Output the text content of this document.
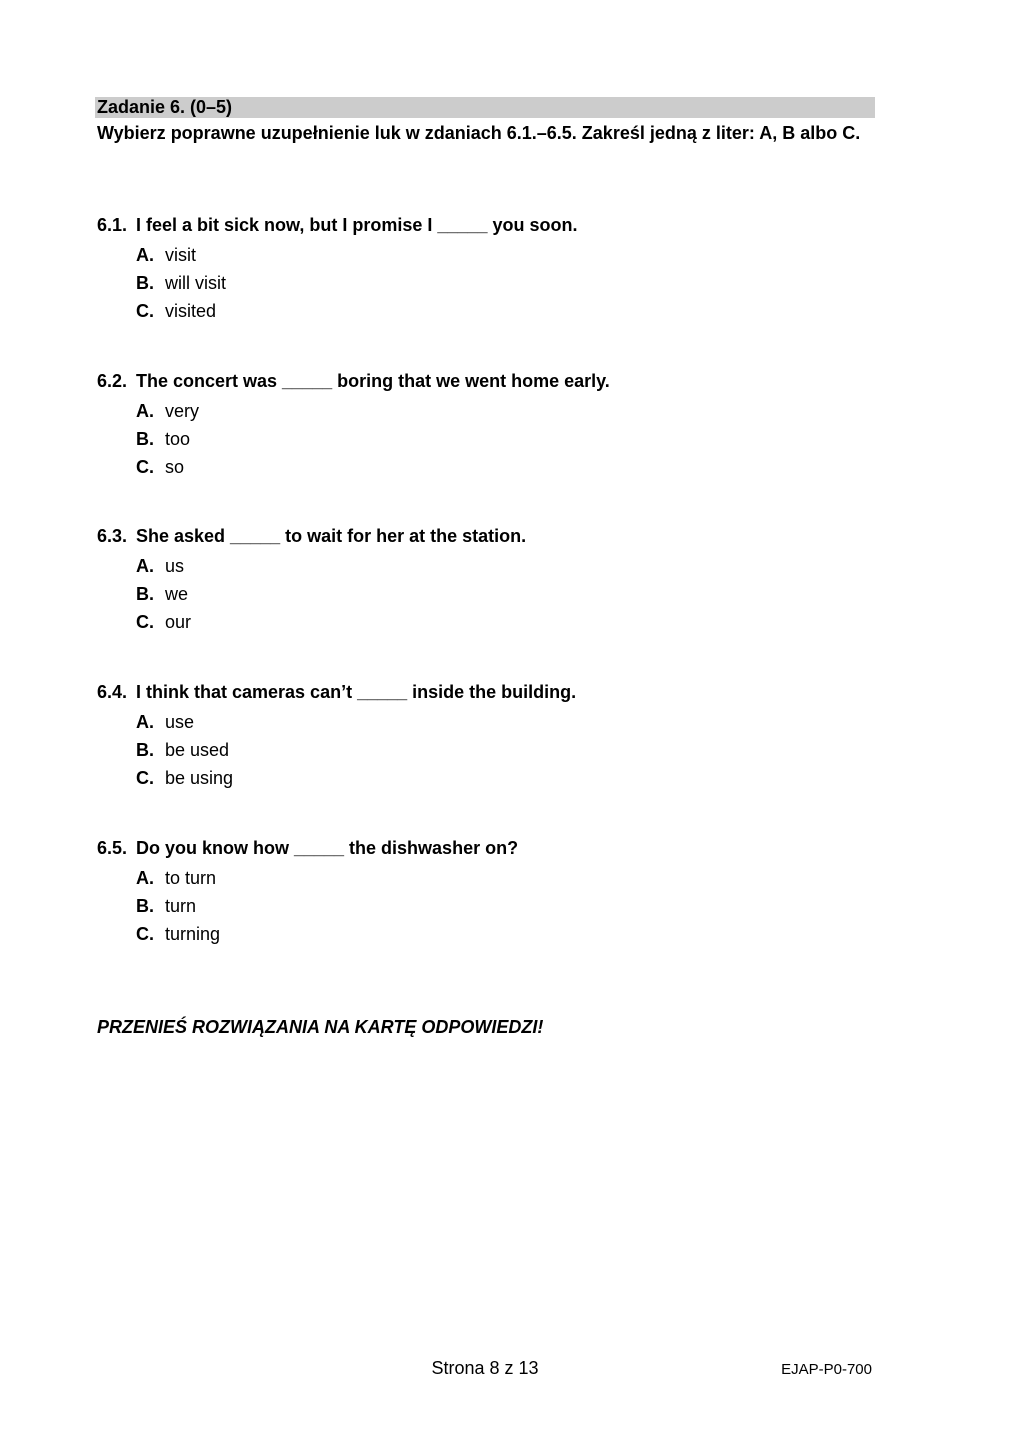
Zadanie 6. (0–5)
Wybierz poprawne uzupełnienie luk w zdaniach 6.1.–6.5. Zakreśl jedną z liter: A, B albo C.
6.1. I feel a bit sick now, but I promise I _____ you soon.
A. visit
B. will visit
C. visited
6.2. The concert was _____ boring that we went home early.
A. very
B. too
C. so
6.3. She asked _____ to wait for her at the station.
A. us
B. we
C. our
6.4. I think that cameras can’t _____ inside the building.
A. use
B. be used
C. be using
6.5. Do you know how _____ the dishwasher on?
A. to turn
B. turn
C. turning
PRZENIEŚ ROZWIĄZANIA NA KARTĘ ODPOWIEDZI!
Strona 8 z 13	EJAP-P0-700
